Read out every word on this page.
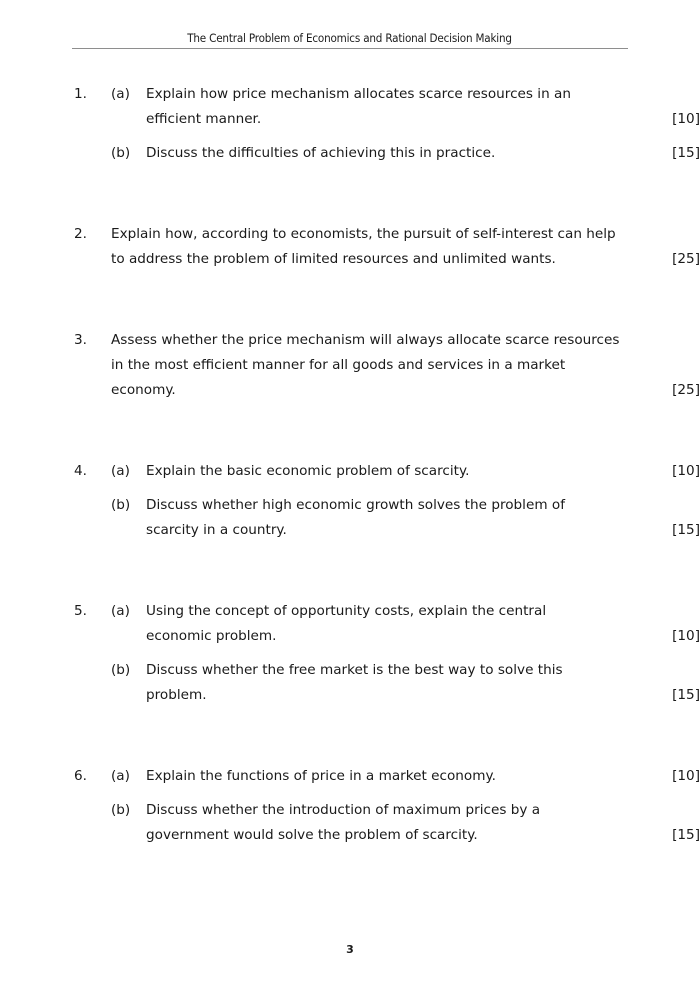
The Central Problem of Economics and Rational Decision Making
1.	(a)	Explain how price mechanism allocates scarce resources in an
efficient manner.	[10]
(b)	Discuss the difficulties of achieving this in practice.	[15]
2.	Explain how, according to economists, the pursuit of self-interest can help
to address the problem of limited resources and unlimited wants.	[25]
3.	Assess whether the price mechanism will always allocate scarce resources
in the most efficient manner for all goods and services in a market
economy.	[25]
4.	(a)	Explain the basic economic problem of scarcity.	[10]
(b)	Discuss whether high economic growth solves the problem of
scarcity in a country.	[15]
5.	(a)	Using the concept of opportunity costs, explain the central
economic problem.	[10]
(b)	Discuss whether the free market is the best way to solve this
problem.	[15]
6.	(a)	Explain the functions of price in a market economy.	[10]
(b)	Discuss whether the introduction of maximum prices by a
government would solve the problem of scarcity.	[15]
3
